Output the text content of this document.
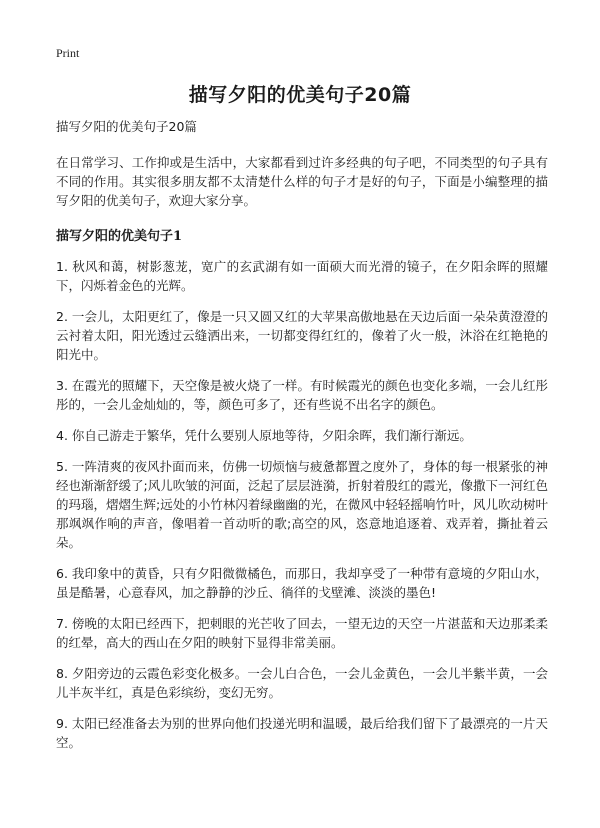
Print
描写夕阳的优美句子20篇
描写夕阳的优美句子20篇

在日常学习、工作抑或是生活中，大家都看到过许多经典的句子吧，不同类型的句子具有不同的作用。其实很多朋友都不太清楚什么样的句子才是好的句子，下面是小编整理的描写夕阳的优美句子，欢迎大家分享。

描写夕阳的优美句子1

1. 秋风和蔼，树影葱茏，宽广的玄武湖有如一面硕大而光滑的镜子，在夕阳余晖的照耀下，闪烁着金色的光辉。

2. 一会儿，太阳更红了，像是一只又圆又红的大苹果高傲地悬在天边后面一朵朵黄澄澄的云衬着太阳，阳光透过云缝洒出来，一切都变得红红的，像着了火一般，沐浴在红艳艳的阳光中。

3. 在霞光的照耀下，天空像是被火烧了一样。有时候霞光的颜色也变化多端，一会儿红彤彤的，一会儿金灿灿的，等，颜色可多了，还有些说不出名字的颜色。

4. 你自己游走于繁华，凭什么要别人原地等待，夕阳余晖，我们渐行渐远。

5. 一阵清爽的夜风扑面而来，仿佛一切烦恼与疲惫都置之度外了，身体的每一根紧张的神经也渐渐舒缓了;风儿吹皱的河面，泛起了层层涟漪，折射着殷红的霞光，像撒下一河红色的玛瑙，熠熠生辉;远处的小竹林闪着绿幽幽的光，在微风中轻轻摇响竹叶，风儿吹动树叶那飒飒作响的声音，像唱着一首动听的歌;高空的风，恣意地追逐着、戏弄着，撕扯着云朵。

6. 我印象中的黄昏，只有夕阳微微橘色，而那日，我却享受了一种带有意境的夕阳山水，虽是酷暑，心意春风，加之静静的沙丘、徜徉的戈壁滩、淡淡的墨色!

7. 傍晚的太阳已经西下，把刺眼的光芒收了回去，一望无边的天空一片湛蓝和天边那柔柔的红晕，高大的西山在夕阳的映射下显得非常美丽。

8. 夕阳旁边的云霞色彩变化极多。一会儿白合色，一会儿金黄色，一会儿半紫半黄，一会儿半灰半红，真是色彩缤纷，变幻无穷。

9. 太阳已经准备去为别的世界向他们投递光明和温暖，最后给我们留下了最漂亮的一片天空。
